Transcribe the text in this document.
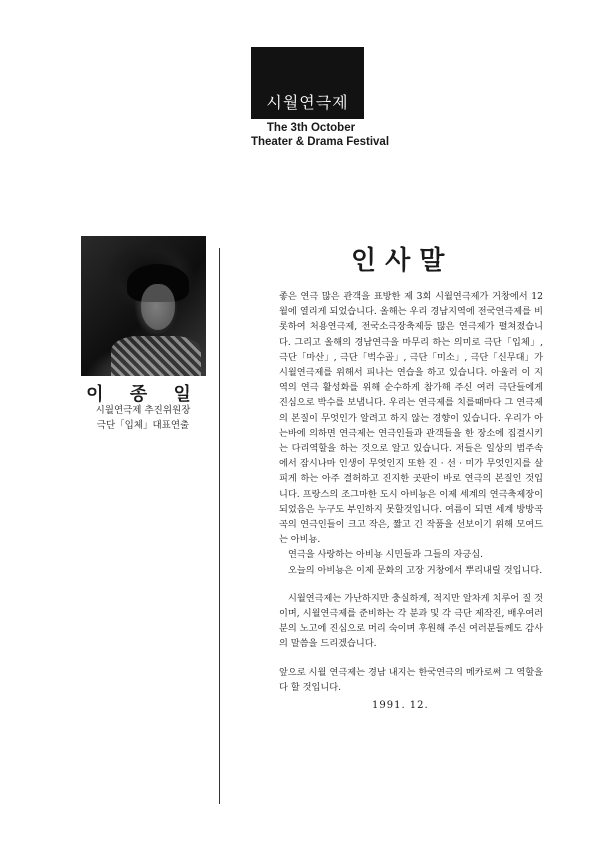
시월연극제
The 3th October
Theater & Drama Festival
이 종 일
시월연극제 추진위원장
극단「입체」대표연출
인사말

좋은 연극 많은 관객을 표방한 제 3회 시월연극제가 거창에서 12월에 열리게 되었습니다. 올해는 우리 경남지역에 전국연극제를 비롯하여 처용연극제, 전국소극장축제등 많은 연극제가 펼쳐졌습니다. 그리고 올해의 경남연극을 마무리 하는 의미로 극단「입체」, 극단「마산」, 극단「벅수골」, 극단「미소」, 극단「신무대」가 시월연극제를 위해서 피나는 연습을 하고 있습니다. 아울러 이 지역의 연극 활성화를 위해 순수하게 참가해 주신 여러 극단들에게 진심으로 박수를 보냅니다. 우리는 연극제를 치를때마다 그 연극제의 본질이 무엇인가 알려고 하지 않는 경향이 있습니다. 우리가 아는바에 의하면 연극제는 연극인들과 관객들을 한 장소에 집결시키는 다리역할을 하는 것으로 알고 있습니다. 저들은 일상의 범주속에서 잠시나마 인생이 무엇인지 또한 진 · 선 · 미가 무엇인지를 살피게 하는 아주 결허하고 진지한 곳판이 바로 연극의 본질인 것입니다. 프랑스의 조그마한 도시 아비뇽은 이제 세계의 연극축제장이 되었음은 누구도 부인하지 못할것입니다. 여름이 되면 세계 방방곡곡의 연극인들이 크고 작은, 짧고 긴 작품을 선보이기 위해 모여드는 아비뇽.

연극을 사랑하는 아비뇽 시민들과 그들의 자긍심.

오늘의 아비뇽은 이제 문화의 고장 거창에서 뿌리내릴 것입니다.

시월연극제는 가난하지만 충실하게, 적지만 알차게 치루어 질 것이며, 시월연극제를 준비하는 각 분과 및 각 극단 제작진, 배우여러분의 노고에 진심으로 머리 숙이며 후원해 주신 여러분들께도 감사의 말씀을 드리겠습니다.

앞으로 시월 연극제는 경남 내지는 한국연극의 메카로써 그 역할을 다 할 것입니다.

1991. 12.
